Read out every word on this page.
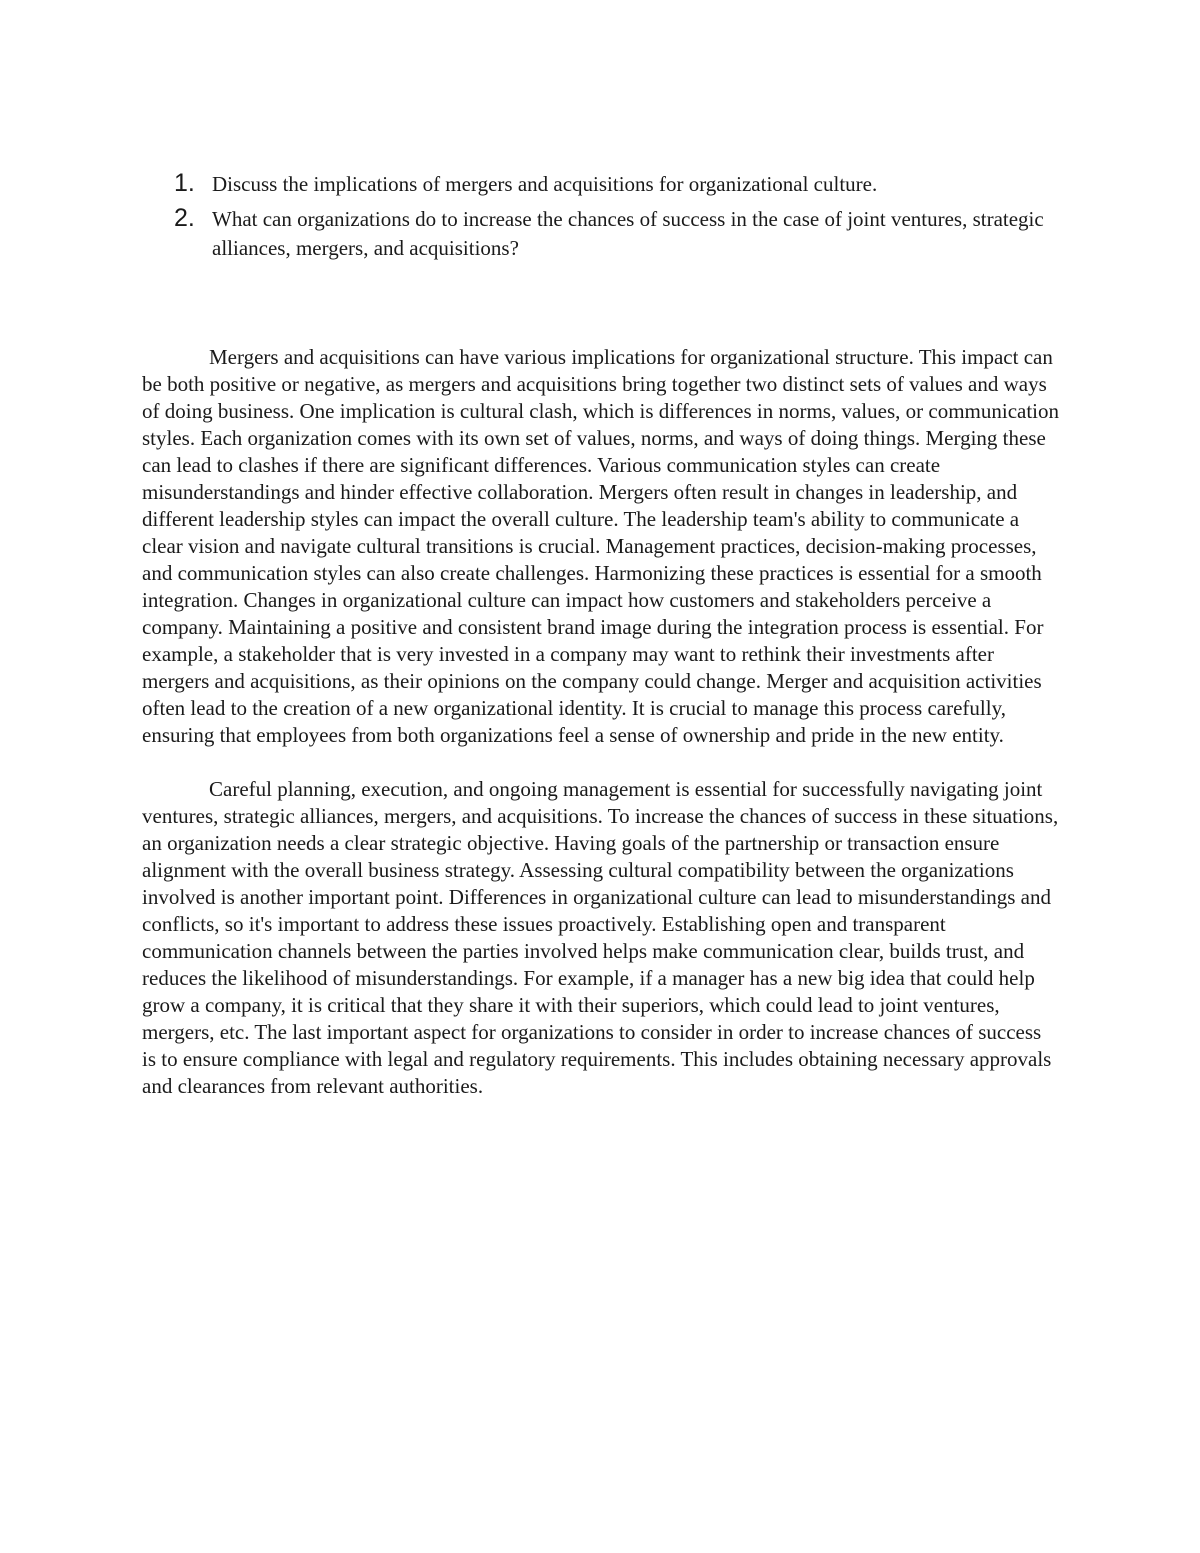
1. Discuss the implications of mergers and acquisitions for organizational culture.
2. What can organizations do to increase the chances of success in the case of joint ventures, strategic alliances, mergers, and acquisitions?

Mergers and acquisitions can have various implications for organizational structure. This impact can be both positive or negative, as mergers and acquisitions bring together two distinct sets of values and ways of doing business. One implication is cultural clash, which is differences in norms, values, or communication styles. Each organization comes with its own set of values, norms, and ways of doing things. Merging these can lead to clashes if there are significant differences. Various communication styles can create misunderstandings and hinder effective collaboration. Mergers often result in changes in leadership, and different leadership styles can impact the overall culture. The leadership team's ability to communicate a clear vision and navigate cultural transitions is crucial. Management practices, decision-making processes, and communication styles can also create challenges. Harmonizing these practices is essential for a smooth integration. Changes in organizational culture can impact how customers and stakeholders perceive a company. Maintaining a positive and consistent brand image during the integration process is essential. For example, a stakeholder that is very invested in a company may want to rethink their investments after mergers and acquisitions, as their opinions on the company could change. Merger and acquisition activities often lead to the creation of a new organizational identity. It is crucial to manage this process carefully, ensuring that employees from both organizations feel a sense of ownership and pride in the new entity.

Careful planning, execution, and ongoing management is essential for successfully navigating joint ventures, strategic alliances, mergers, and acquisitions. To increase the chances of success in these situations, an organization needs a clear strategic objective. Having goals of the partnership or transaction ensure alignment with the overall business strategy. Assessing cultural compatibility between the organizations involved is another important point. Differences in organizational culture can lead to misunderstandings and conflicts, so it's important to address these issues proactively. Establishing open and transparent communication channels between the parties involved helps make communication clear, builds trust, and reduces the likelihood of misunderstandings. For example, if a manager has a new big idea that could help grow a company, it is critical that they share it with their superiors, which could lead to joint ventures, mergers, etc. The last important aspect for organizations to consider in order to increase chances of success is to ensure compliance with legal and regulatory requirements. This includes obtaining necessary approvals and clearances from relevant authorities.
